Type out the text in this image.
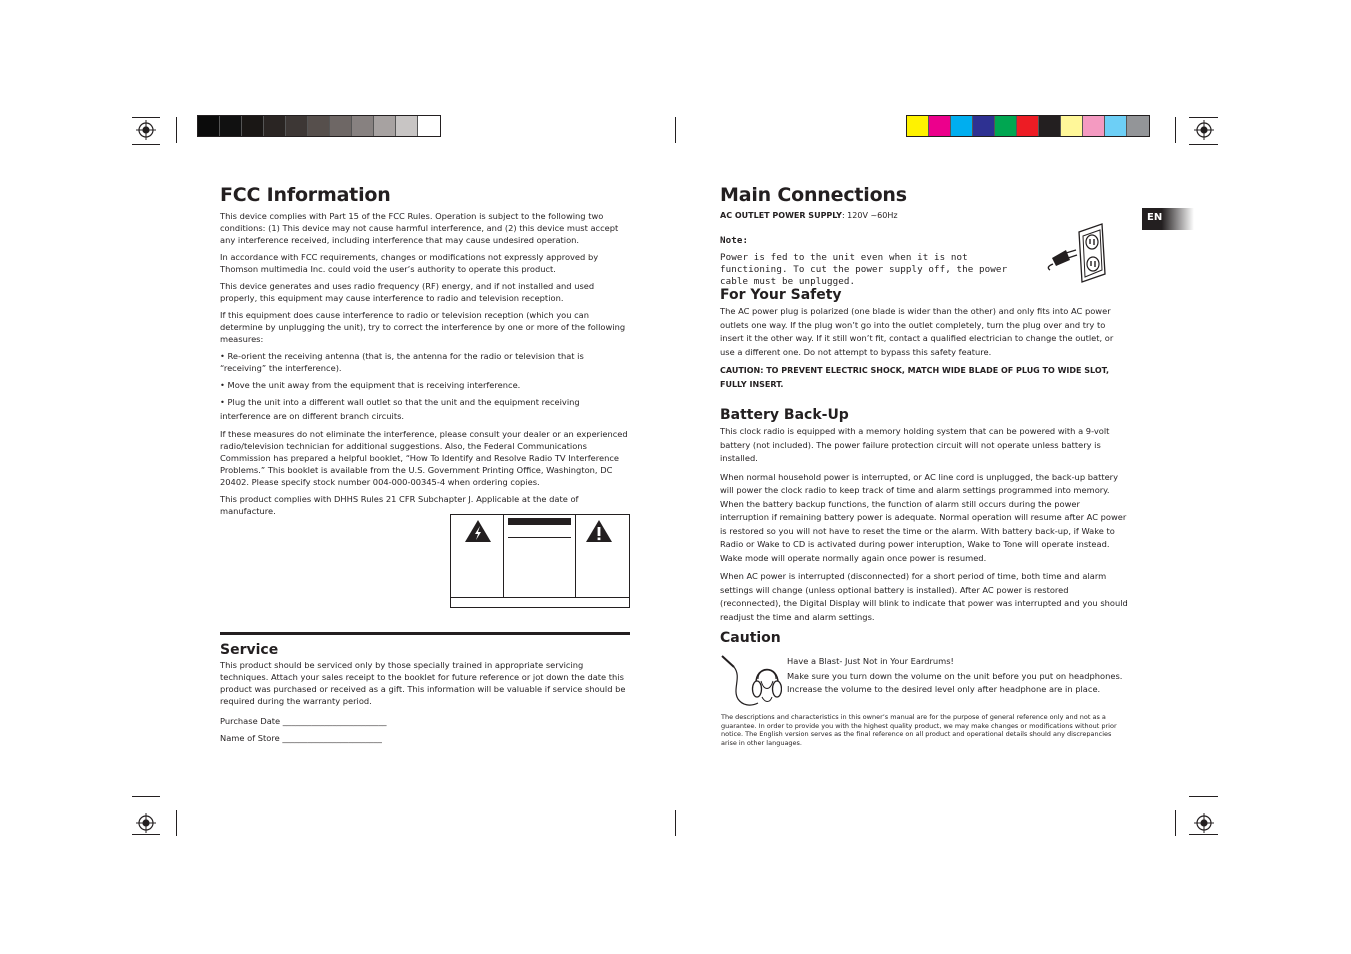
FCC Information

This device complies with Part 15 of the FCC Rules. Operation is subject to the following two conditions: (1) This device may not cause harmful interference, and (2) this device must accept any interference received, including interference that may cause undesired operation.

In accordance with FCC requirements, changes or modifications not expressly approved by Thomson multimedia Inc. could void the user’s authority to operate this product.

This device generates and uses radio frequency (RF) energy, and if not installed and used properly, this equipment may cause interference to radio and television reception.

If this equipment does cause interference to radio or television reception (which you can determine by unplugging the unit), try to correct the interference by one or more of the following measures:

• Re-orient the receiving antenna (that is, the antenna for the radio or television that is “receiving” the interference).

• Move the unit away from the equipment that is receiving interference.

• Plug the unit into a different wall outlet so that the unit and the equipment receiving interference are on different branch circuits.

If these measures do not eliminate the interference, please consult your dealer or an experienced radio/television technician for additional suggestions. Also, the Federal Communications Commission has prepared a helpful booklet, “How To Identify and Resolve Radio TV Interference Problems.” This booklet is available from the U.S. Government Printing Office, Washington, DC 20402. Please specify stock number 004-000-00345-4 when ordering copies.

This product complies with DHHS Rules 21 CFR Subchapter J. Applicable at the date of manufacture.

Service

This product should be serviced only by those specially trained in appropriate servicing techniques. Attach your sales receipt to the booklet for future reference or jot down the date this product was purchased or received as a gift. This information will be valuable if service should be required during the warranty period.

Purchase Date _________________________

Name of Store ________________________

Main Connections
AC OUTLET POWER SUPPLY: 120V ~60Hz
Note:
Power is fed to the unit even when it is not functioning. To cut the power supply off, the power cable must be unplugged.
EN
For Your Safety

The AC power plug is polarized (one blade is wider than the other) and only fits into AC power outlets one way. If the plug won’t go into the outlet completely, turn the plug over and try to insert it the other way. If it still won’t fit, contact a qualified electrician to change the outlet, or use a different one. Do not attempt to bypass this safety feature.

CAUTION: TO PREVENT ELECTRIC SHOCK, MATCH WIDE BLADE OF PLUG TO WIDE SLOT, FULLY INSERT.
Battery Back-Up

This clock radio is equipped with a memory holding system that can be powered with a 9-volt battery (not included). The power failure protection circuit will not operate unless battery is installed.

When normal household power is interrupted, or AC line cord is unplugged, the back-up battery will power the clock radio to keep track of time and alarm settings programmed into memory. When the battery backup functions, the function of alarm still occurs during the power interruption if remaining battery power is adequate. Normal operation will resume after AC power is restored so you will not have to reset the time or the alarm. With battery back-up, if Wake to Radio or Wake to CD is activated during power interuption, Wake to Tone will operate instead. Wake mode will operate normally again once power is resumed.

When AC power is interrupted (disconnected) for a short period of time, both time and alarm settings will change (unless optional battery is installed). After AC power is restored (reconnected), the Digital Display will blink to indicate that power was interrupted and you should readjust the time and alarm settings.

Caution

Have a Blast- Just Not in Your Eardrums!

Make sure you turn down the volume on the unit before you put on headphones. Increase the volume to the desired level only after headphone are in place.

The descriptions and characteristics in this owner’s manual are for the purpose of general reference only and not as a guarantee. In order to provide you with the highest quality product, we may make changes or modifications without prior notice. The English version serves as the final reference on all product and operational details should any discrepancies arise in other languages.
